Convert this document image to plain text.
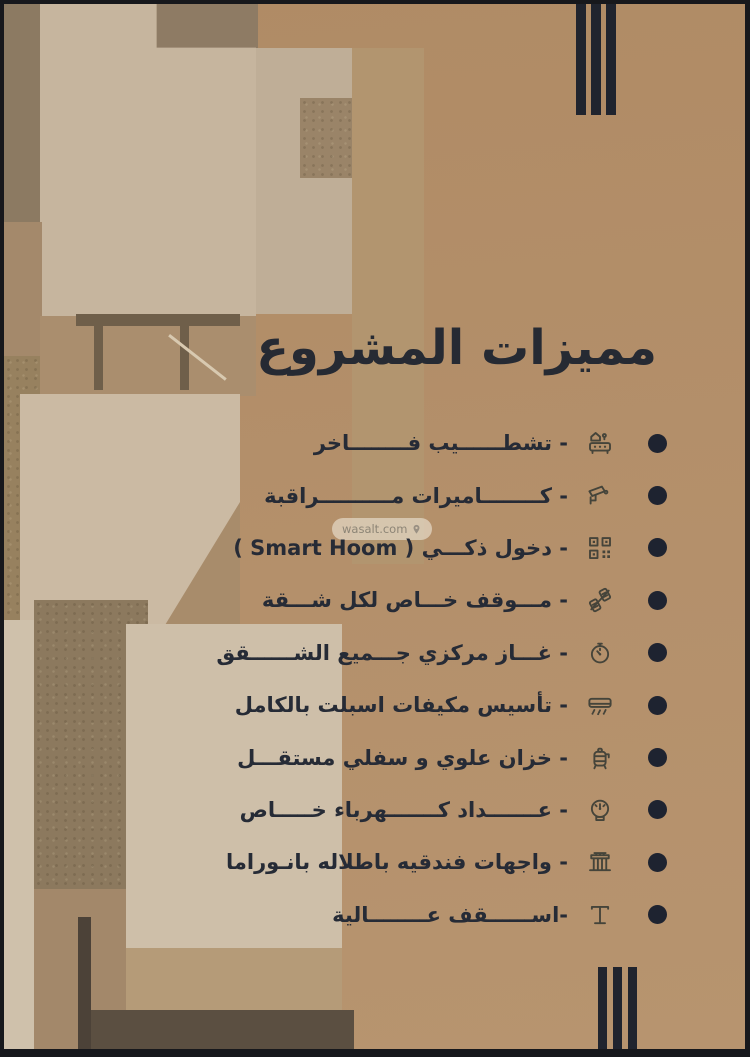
مميزات المشروع
wasalt.com
- تشطــــــيب فــــــــاخر
- كــــــــاميرات مــــــــــراقبة
- دخول ذكـــي ( Smart Hoom )
- مـــوقف خـــاص لكل شـــقة
- غـــاز مركزي جـــميع الشــــــقق
- تأسيس مكيفات اسبلت بالكامل
- خزان علوي و سفلي مستقـــل
- عـــــــداد كـــــــهرباء خـــــاص
- واجهات فندقيه باطلاله بانـوراما
-اســــــقف عــــــــالية
